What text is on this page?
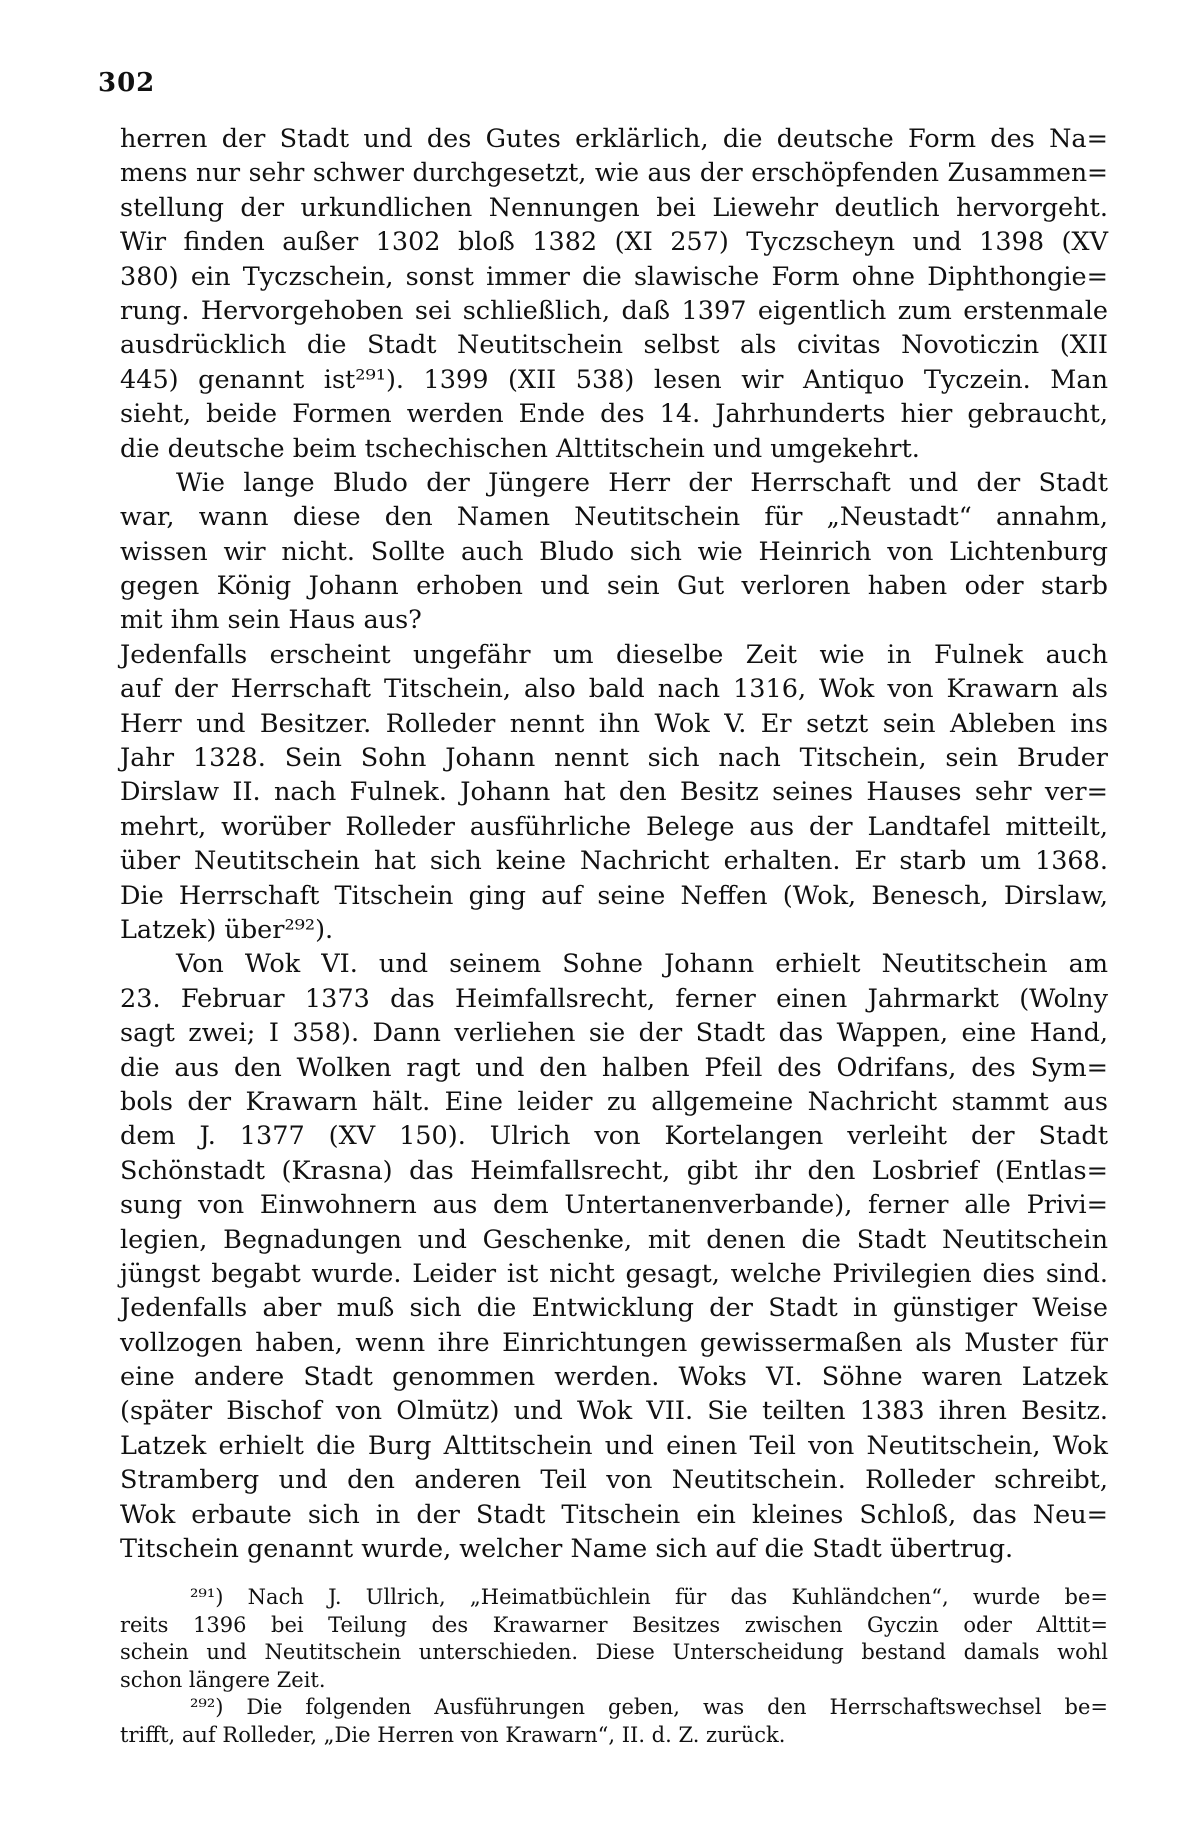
302
herren der Stadt und des Gutes erklärlich, die deutsche Form des Na=
mens nur sehr schwer durchgesetzt, wie aus der erschöpfenden Zusammen=
stellung der urkundlichen Nennungen bei Liewehr deutlich hervorgeht.
Wir finden außer 1302 bloß 1382 (XI 257) Tyczscheyn und 1398 (XV
380) ein Tyczschein, sonst immer die slawische Form ohne Diphthongie=
rung. Hervorgehoben sei schließlich, daß 1397 eigentlich zum erstenmale
ausdrücklich die Stadt Neutitschein selbst als civitas Novoticzin (XII
445) genannt ist²⁹¹). 1399 (XII 538) lesen wir Antiquo Tyczein. Man
sieht, beide Formen werden Ende des 14. Jahrhunderts hier gebraucht,
die deutsche beim tschechischen Alttitschein und umgekehrt.
Wie lange Bludo der Jüngere Herr der Herrschaft und der Stadt
war, wann diese den Namen Neutitschein für „Neustadt“ annahm,
wissen wir nicht. Sollte auch Bludo sich wie Heinrich von Lichtenburg
gegen König Johann erhoben und sein Gut verloren haben oder starb
mit ihm sein Haus aus?
Jedenfalls erscheint ungefähr um dieselbe Zeit wie in Fulnek auch
auf der Herrschaft Titschein, also bald nach 1316, Wok von Krawarn als
Herr und Besitzer. Rolleder nennt ihn Wok V. Er setzt sein Ableben ins
Jahr 1328. Sein Sohn Johann nennt sich nach Titschein, sein Bruder
Dirslaw II. nach Fulnek. Johann hat den Besitz seines Hauses sehr ver=
mehrt, worüber Rolleder ausführliche Belege aus der Landtafel mitteilt,
über Neutitschein hat sich keine Nachricht erhalten. Er starb um 1368.
Die Herrschaft Titschein ging auf seine Neffen (Wok, Benesch, Dirslaw,
Latzek) über²⁹²).
Von Wok VI. und seinem Sohne Johann erhielt Neutitschein am
23. Februar 1373 das Heimfallsrecht, ferner einen Jahrmarkt (Wolny
sagt zwei; I 358). Dann verliehen sie der Stadt das Wappen, eine Hand,
die aus den Wolken ragt und den halben Pfeil des Odrifans, des Sym=
bols der Krawarn hält. Eine leider zu allgemeine Nachricht stammt aus
dem J. 1377 (XV 150). Ulrich von Kortelangen verleiht der Stadt
Schönstadt (Krasna) das Heimfallsrecht, gibt ihr den Losbrief (Entlas=
sung von Einwohnern aus dem Untertanenverbande), ferner alle Privi=
legien, Begnadungen und Geschenke, mit denen die Stadt Neutitschein
jüngst begabt wurde. Leider ist nicht gesagt, welche Privilegien dies sind.
Jedenfalls aber muß sich die Entwicklung der Stadt in günstiger Weise
vollzogen haben, wenn ihre Einrichtungen gewissermaßen als Muster für
eine andere Stadt genommen werden. Woks VI. Söhne waren Latzek
(später Bischof von Olmütz) und Wok VII. Sie teilten 1383 ihren Besitz.
Latzek erhielt die Burg Alttitschein und einen Teil von Neutitschein, Wok
Stramberg und den anderen Teil von Neutitschein. Rolleder schreibt,
Wok erbaute sich in der Stadt Titschein ein kleines Schloß, das Neu=
Titschein genannt wurde, welcher Name sich auf die Stadt übertrug.
²⁹¹) Nach J. Ullrich, „Heimatbüchlein für das Kuhländchen“, wurde be=
reits 1396 bei Teilung des Krawarner Besitzes zwischen Gyczin oder Alttit=
schein und Neutitschein unterschieden. Diese Unterscheidung bestand damals wohl
schon längere Zeit.
²⁹²) Die folgenden Ausführungen geben, was den Herrschaftswechsel be=
trifft, auf Rolleder, „Die Herren von Krawarn“, II. d. Z. zurück.
